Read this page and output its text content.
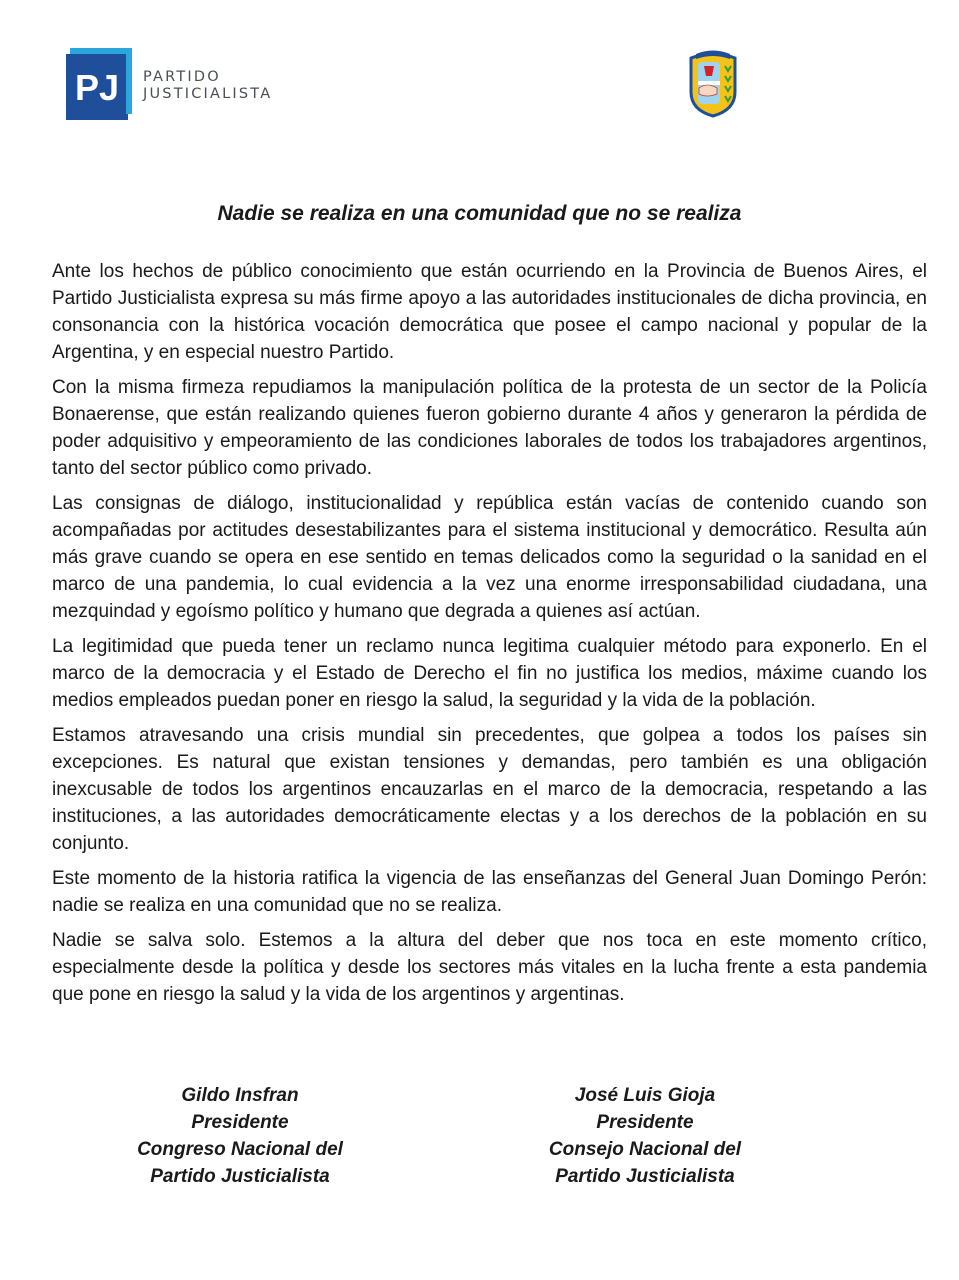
PJ PARTIDO
JUSTICIALISTA
Nadie se realiza en una comunidad que no se realiza

Ante los hechos de público conocimiento que están ocurriendo en la Provincia de Buenos Aires, el Partido Justicialista expresa su más firme apoyo a las autoridades institucionales de dicha provincia, en consonancia con la histórica vocación democrática que posee el campo nacional y popular de la Argentina, y en especial nuestro Partido.

Con la misma firmeza repudiamos la manipulación política de la protesta de un sector de la Policía Bonaerense, que están realizando quienes fueron gobierno durante 4 años y generaron la pérdida de poder adquisitivo y empeoramiento de las condiciones laborales de todos los trabajadores argentinos, tanto del sector público como privado.

Las consignas de diálogo, institucionalidad y república están vacías de contenido cuando son acompañadas por actitudes desestabilizantes para el sistema institucional y democrático. Resulta aún más grave cuando se opera en ese sentido en temas delicados como la seguridad o la sanidad en el marco de una pandemia, lo cual evidencia a la vez una enorme irresponsabilidad ciudadana, una mezquindad y egoísmo político y humano que degrada a quienes así actúan.

La legitimidad que pueda tener un reclamo nunca legitima cualquier método para exponerlo. En el marco de la democracia y el Estado de Derecho el fin no justifica los medios, máxime cuando los medios empleados puedan poner en riesgo la salud, la seguridad y la vida de la población.

Estamos atravesando una crisis mundial sin precedentes, que golpea a todos los países sin excepciones. Es natural que existan tensiones y demandas, pero también es una obligación inexcusable de todos los argentinos encauzarlas en el marco de la democracia, respetando a las instituciones, a las autoridades democráticamente electas y a los derechos de la población en su conjunto.

Este momento de la historia ratifica la vigencia de las enseñanzas del General Juan Domingo Perón: nadie se realiza en una comunidad que no se realiza.

Nadie se salva solo. Estemos a la altura del deber que nos toca en este momento crítico, especialmente desde la política y desde los sectores más vitales en la lucha frente a esta pandemia que pone en riesgo la salud y la vida de los argentinos y argentinas.

Gildo Insfran
Presidente
Congreso Nacional del
Partido Justicialista
José Luis Gioja
Presidente
Consejo Nacional del
Partido Justicialista
